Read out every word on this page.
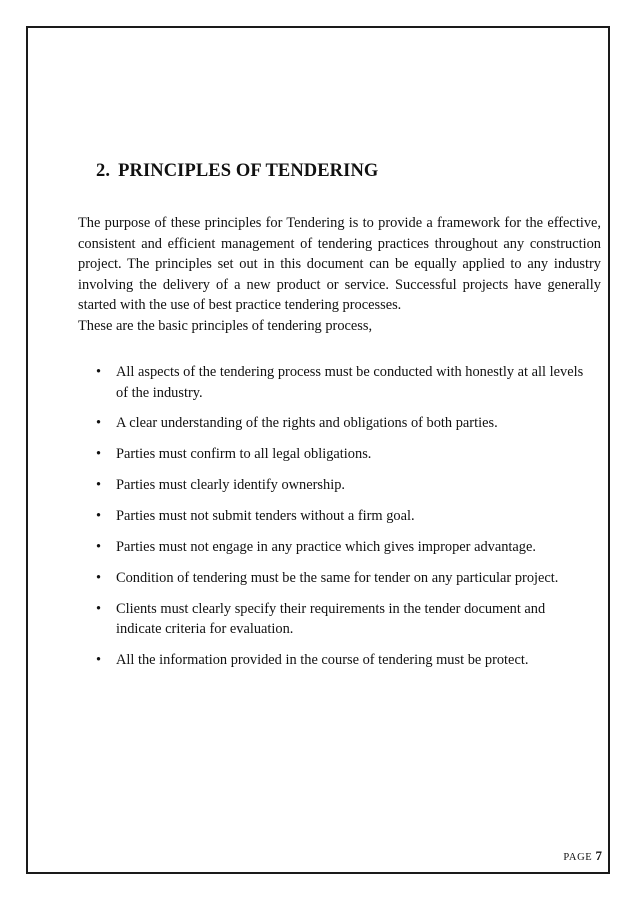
2. PRINCIPLES OF TENDERING

The purpose of these principles for Tendering is to provide a framework for the effective, consistent and efficient management of tendering practices throughout any construction project. The principles set out in this document can be equally applied to any industry involving the delivery of a new product or service. Successful projects have generally started with the use of best practice tendering processes.

These are the basic principles of tendering process,

• All aspects of the tendering process must be conducted with honestly at all levels of the industry.
• A clear understanding of the rights and obligations of both parties.
• Parties must confirm to all legal obligations.
• Parties must clearly identify ownership.
• Parties must not submit tenders without a firm goal.
• Parties must not engage in any practice which gives improper advantage.
• Condition of tendering must be the same for tender on any particular project.
• Clients must clearly specify their requirements in the tender document and indicate criteria for evaluation.
• All the information provided in the course of tendering must be protect.
PAGE 7
